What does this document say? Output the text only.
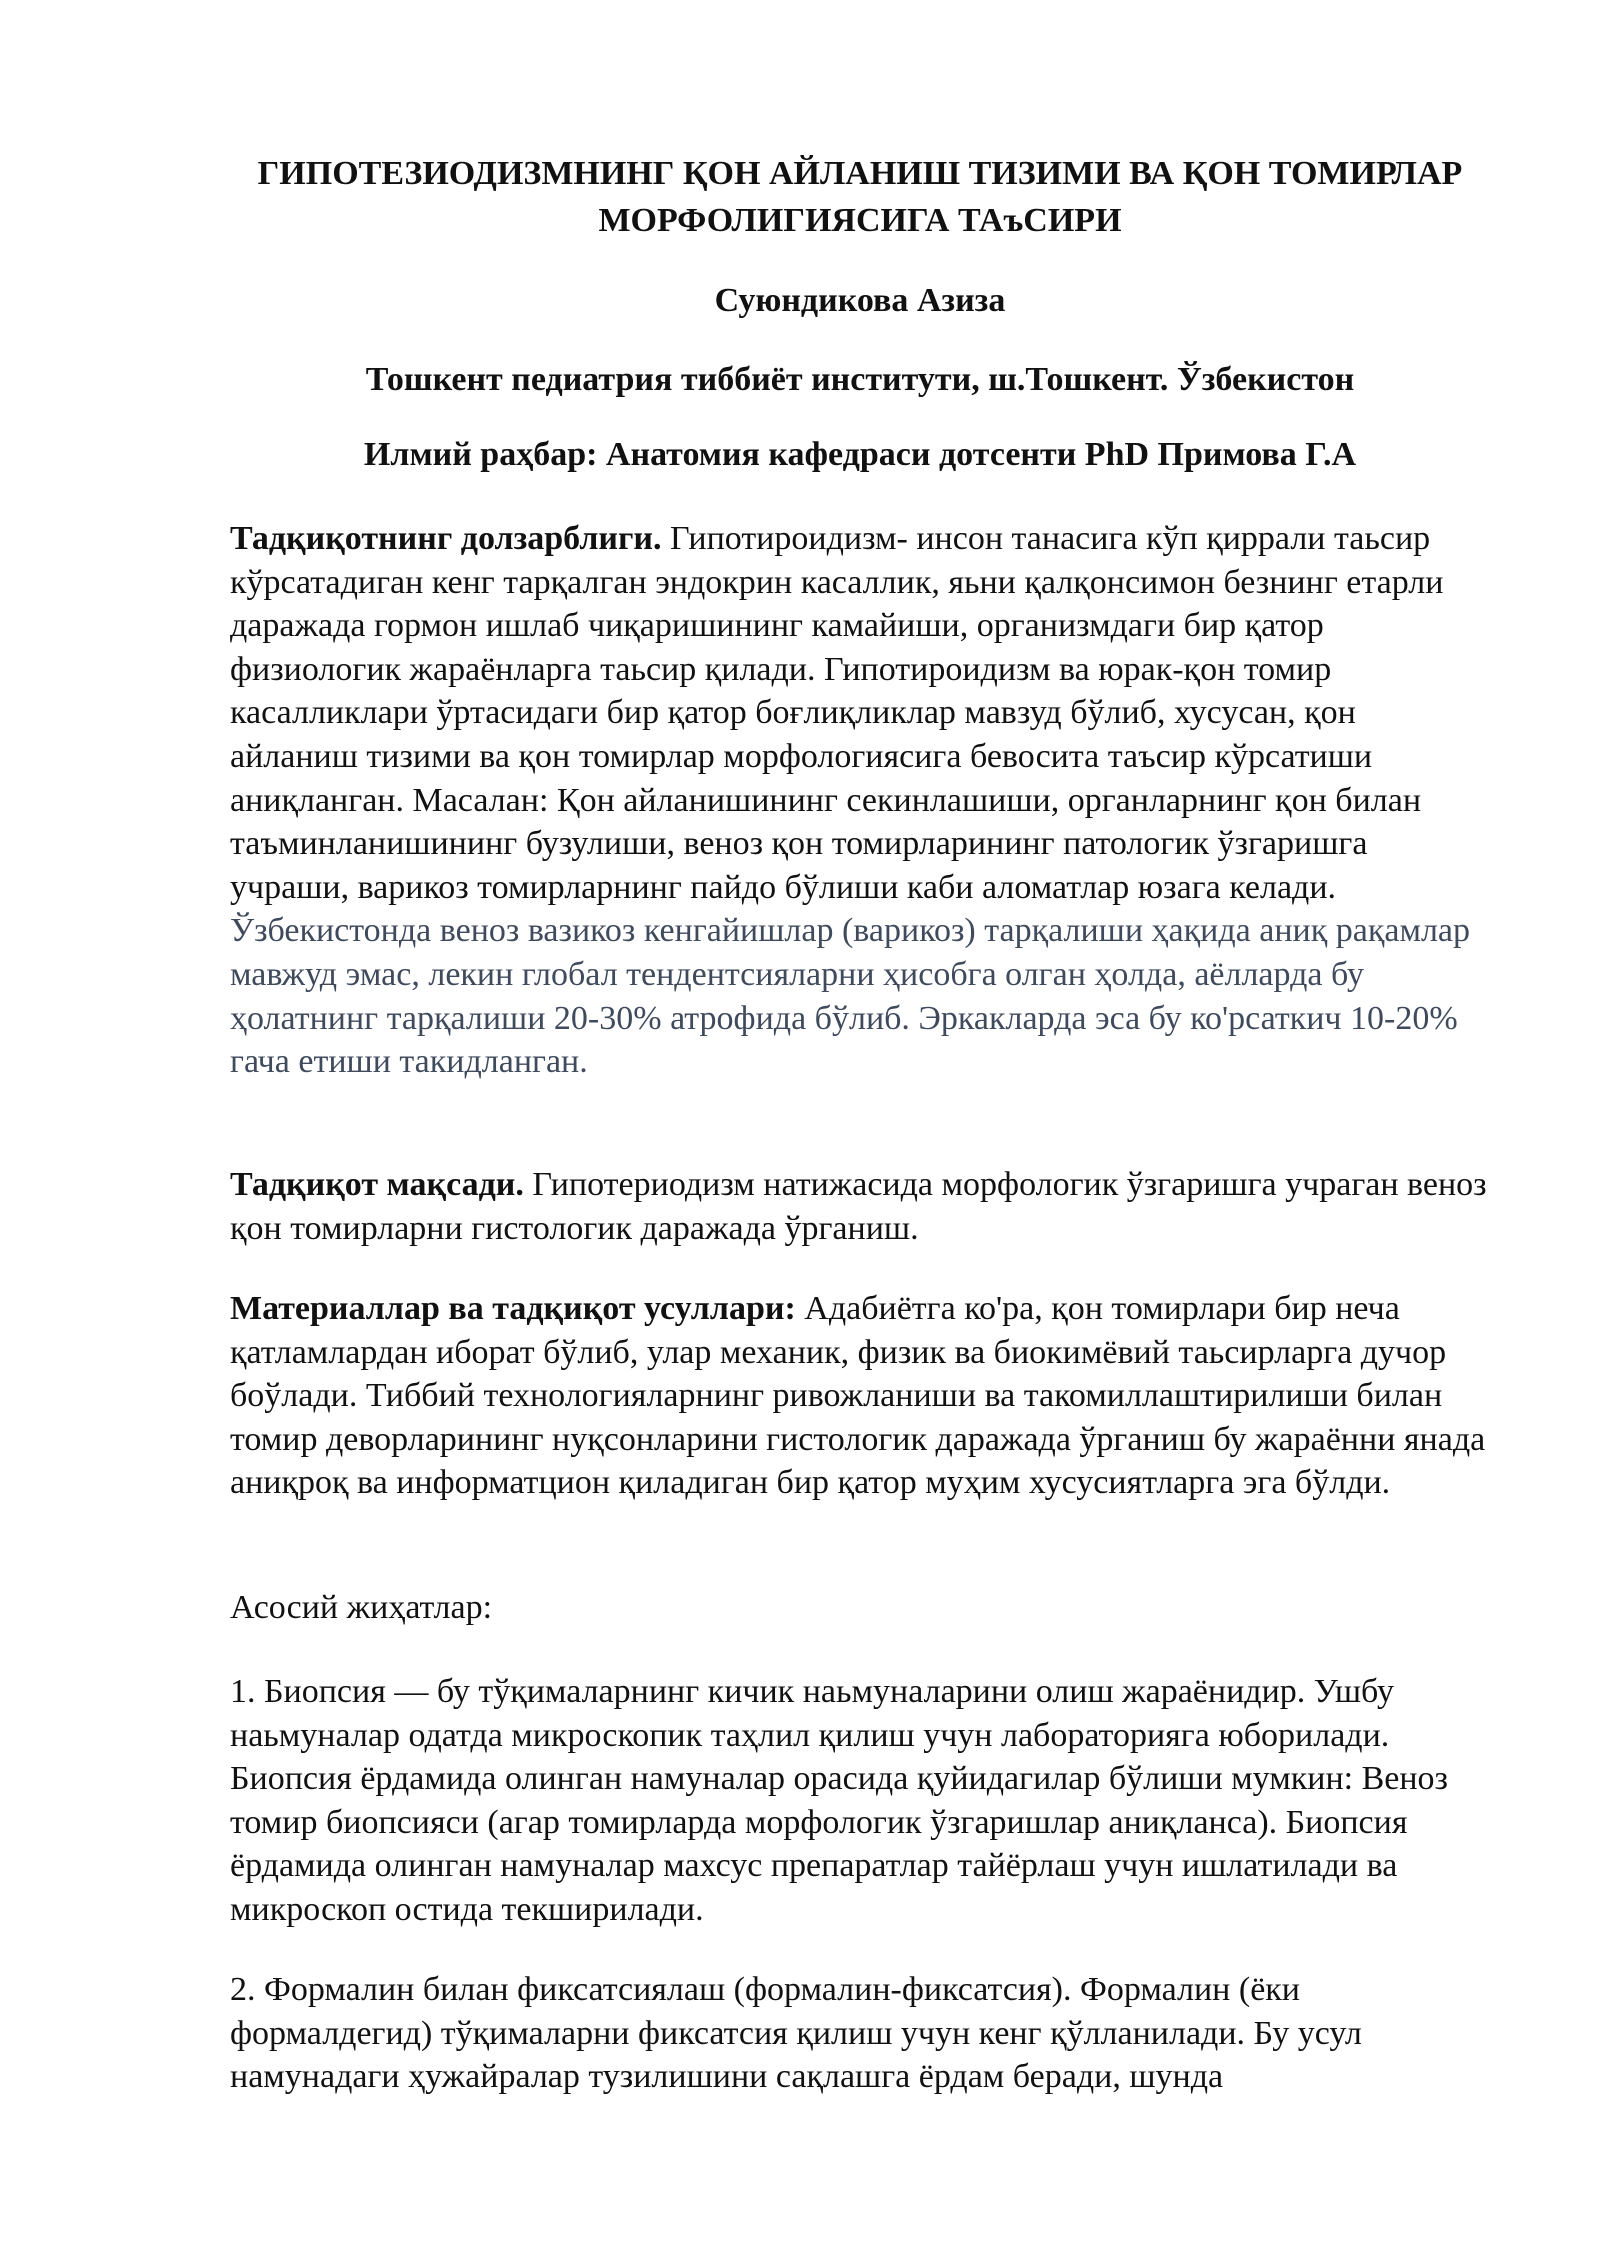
ГИПОТЕЗИОДИЗМНИНГ ҚОН АЙЛАНИШ ТИЗИМИ ВА ҚОН ТОМИРЛАР МОРФОЛИГИЯСИГА ТАъСИРИ

Суюндикова Азиза

Тошкент педиатрия тиббиёт институти, ш.Тошкент. Ўзбекистон

Илмий раҳбар: Анатомия кафедраси дотсенти PhD Примова Г.А

Тадқиқотнинг долзарблиги. Гипотироидизм- инсон танасига кўп қиррали таьсир кўрсатадиган кенг тарқалган эндокрин касаллик, яьни қалқонсимон безнинг етарли даражада гормон ишлаб чиқаришининг камайиши, организмдаги бир қатор физиологик жараёнларга таьсир қилади. Гипотироидизм ва юрак-қон томир касалликлари ўртасидаги бир қатор боғлиқликлар мавзуд бўлиб, хусусан, қон айланиш тизими ва қон томирлар морфологиясига бевосита таъсир кўрсатиши аниқланган. Масалан: Қон айланишининг секинлашиши, органларнинг қон билан таъминланишининг бузулиши, веноз қон томирларининг патологик ўзгаришга учраши, варикоз томирларнинг пайдо бўлиши каби аломатлар юзага келади. Ўзбекистонда веноз вазикоз кенгайишлар (варикоз) тарқалиши ҳақида аниқ рақамлар мавжуд эмас, лекин глобал тендентсияларни ҳисобга олган ҳолда, аёлларда бу ҳолатнинг тарқалиши 20-30% атрофида бўлиб. Эркакларда эса бу ко'рсаткич 10-20% гача етиши такидланган.

Тадқиқот мақсади. Гипотериодизм натижасида морфологик ўзгаришга учраган веноз қон томирларни гистологик даражада ўрганиш.

Материаллар ва тадқиқот усуллари: Адабиётга ко'ра, қон томирлари бир неча қатламлардан иборат бўлиб, улар механик, физик ва биокимёвий таьсирларга дучор боўлади. Тиббий технологияларнинг ривожланиши ва такомиллаштирилиши билан томир деворларининг нуқсонларини гистологик даражада ўрганиш бу жараённи янада аниқроқ ва информатцион қиладиган бир қатор муҳим хусусиятларга эга бўлди.

Асосий жиҳатлар:

1. Биопсия — бу тўқималарнинг кичик наьмуналарини олиш жараёнидир. Ушбу наьмуналар одатда микроскопик таҳлил қилиш учун лабораторияга юборилади. Биопсия ёрдамида олинган намуналар орасида қуйидагилар бўлиши мумкин: Веноз томир биопсияси (агар томирларда морфологик ўзгаришлар аниқланса). Биопсия ёрдамида олинган намуналар махсус препаратлар тайёрлаш учун ишлатилади ва микроскоп остида текширилади.

2. Формалин билан фиксатсиялаш (формалин-фиксатсия). Формалин (ёки формалдегид) тўқималарни фиксатсия қилиш учун кенг қўлланилади. Бу усул намунадаги ҳужайралар тузилишини сақлашга ёрдам беради, шунда
